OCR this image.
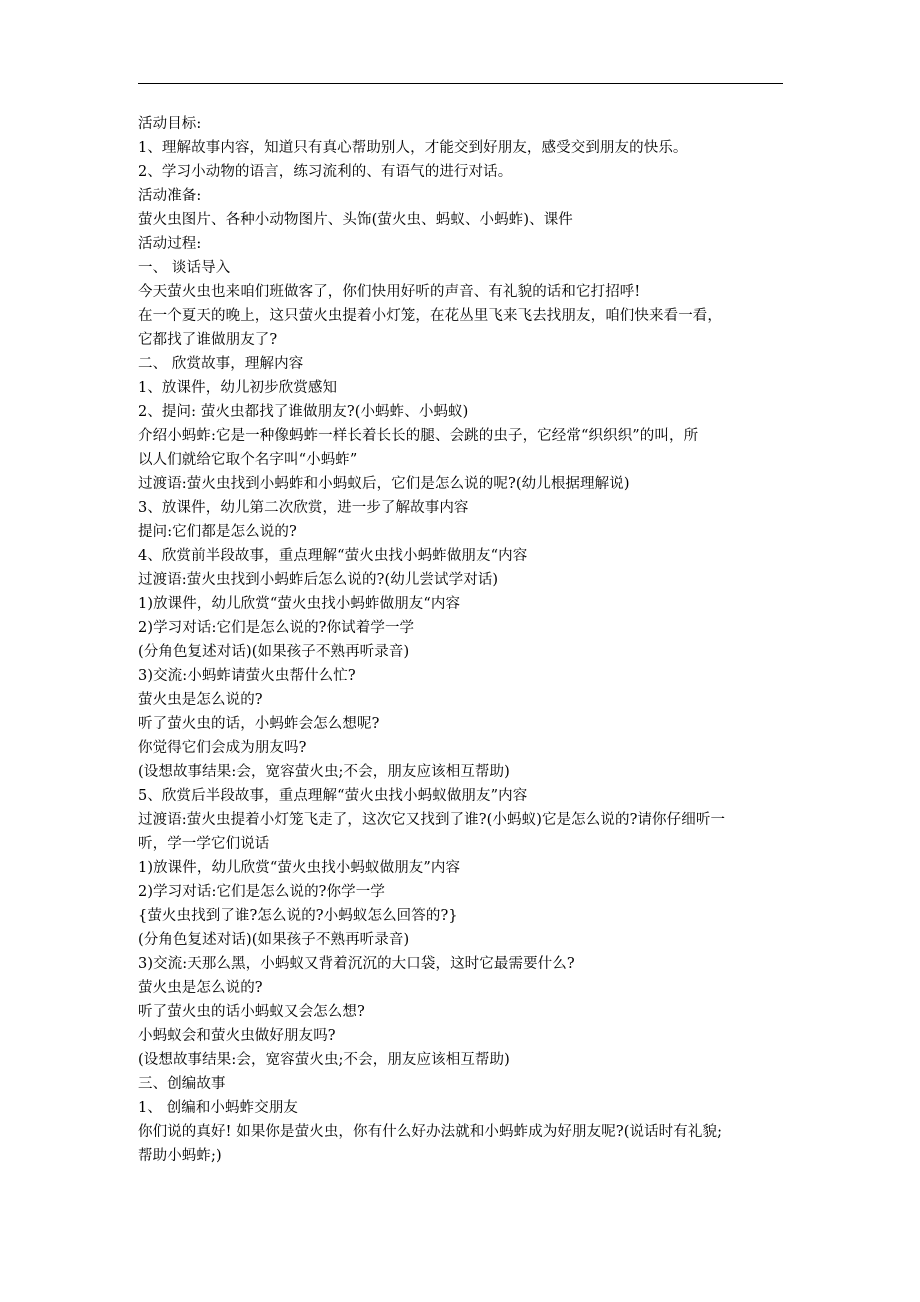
活动目标:
1、理解故事内容，知道只有真心帮助别人，才能交到好朋友，感受交到朋友的快乐。
2、学习小动物的语言，练习流利的、有语气的进行对话。
活动准备:
萤火虫图片、各种小动物图片、头饰(萤火虫、蚂蚁、小蚂蚱)、课件
活动过程:
一、 谈话导入
今天萤火虫也来咱们班做客了，你们快用好听的声音、有礼貌的话和它打招呼!
在一个夏天的晚上，这只萤火虫提着小灯笼，在花丛里飞来飞去找朋友，咱们快来看一看，
它都找了谁做朋友了?
二、 欣赏故事，理解内容
1、放课件，幼儿初步欣赏感知
2、提问: 萤火虫都找了谁做朋友?(小蚂蚱、小蚂蚁)
介绍小蚂蚱:它是一种像蚂蚱一样长着长长的腿、会跳的虫子，它经常“织织织”的叫，所
以人们就给它取个名字叫“小蚂蚱”
过渡语:萤火虫找到小蚂蚱和小蚂蚁后，它们是怎么说的呢?(幼儿根据理解说)
3、放课件，幼儿第二次欣赏，进一步了解故事内容
提问:它们都是怎么说的?
4、欣赏前半段故事，重点理解“萤火虫找小蚂蚱做朋友“内容
过渡语:萤火虫找到小蚂蚱后怎么说的?(幼儿尝试学对话)
1)放课件，幼儿欣赏“萤火虫找小蚂蚱做朋友“内容
2)学习对话:它们是怎么说的?你试着学一学
(分角色复述对话)(如果孩子不熟再听录音)
3)交流:小蚂蚱请萤火虫帮什么忙?
萤火虫是怎么说的?
听了萤火虫的话，小蚂蚱会怎么想呢?
你觉得它们会成为朋友吗?
(设想故事结果:会，宽容萤火虫;不会，朋友应该相互帮助)
5、欣赏后半段故事，重点理解“萤火虫找小蚂蚁做朋友”内容
过渡语:萤火虫提着小灯笼飞走了，这次它又找到了谁?(小蚂蚁)它是怎么说的?请你仔细听一
听，学一学它们说话
1)放课件，幼儿欣赏“萤火虫找小蚂蚁做朋友”内容
2)学习对话:它们是怎么说的?你学一学
{萤火虫找到了谁?怎么说的?小蚂蚁怎么回答的?}
(分角色复述对话)(如果孩子不熟再听录音)
3)交流:天那么黑，小蚂蚁又背着沉沉的大口袋，这时它最需要什么?
萤火虫是怎么说的?
听了萤火虫的话小蚂蚁又会怎么想?
小蚂蚁会和萤火虫做好朋友吗?
(设想故事结果:会，宽容萤火虫;不会，朋友应该相互帮助)
三、创编故事
1、 创编和小蚂蚱交朋友
你们说的真好! 如果你是萤火虫，你有什么好办法就和小蚂蚱成为好朋友呢?(说话时有礼貌;
帮助小蚂蚱;)
